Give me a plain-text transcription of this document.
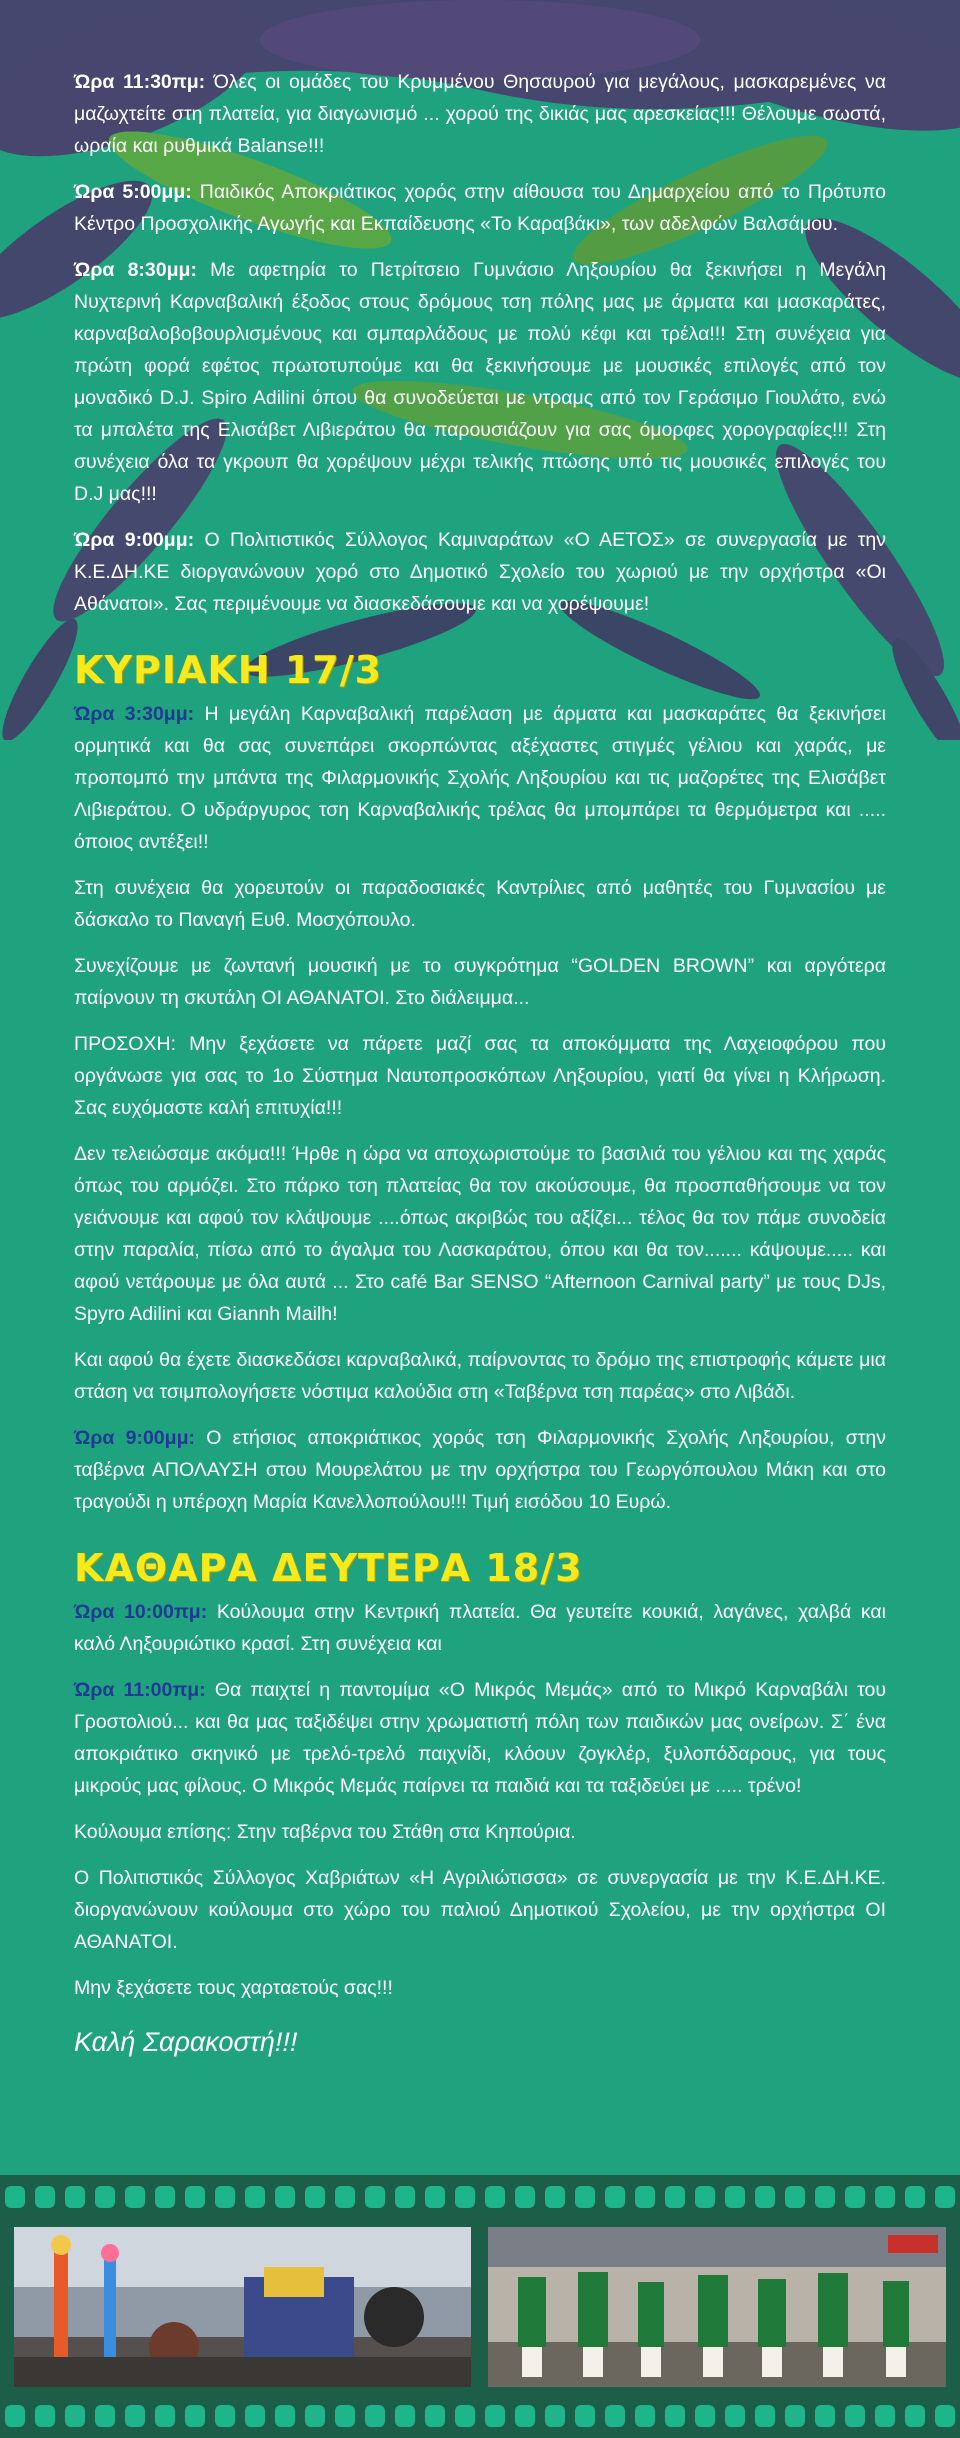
Ώρα 11:30πμ: Όλες οι ομάδες του Κρυμμένου Θησαυρού για μεγάλους, μασκαρεμένες να μαζωχτείτε στη πλατεία, για διαγωνισμό ... χορού της δικιάς μας αρεσκείας!!! Θέλουμε σωστά, ωραία και ρυθμικά Balanse!!!

Ώρα 5:00μμ: Παιδικός Αποκριάτικος χορός στην αίθουσα του Δημαρχείου από το Πρότυπο Κέντρο Προσχολικής Αγωγής και Εκπαίδευσης «Το Καραβάκι», των αδελφών Βαλσάμου.

Ώρα 8:30μμ: Με αφετηρία το Πετρίτσειο Γυμνάσιο Ληξουρίου θα ξεκινήσει η Μεγάλη Νυχτερινή Καρναβαλική έξοδος στους δρόμους τση πόλης μας με άρματα και μασκαράτες, καρναβαλοβοβουρλισμένους και σμπαρλάδους με πολύ κέφι και τρέλα!!! Στη συνέχεια για πρώτη φορά εφέτος πρωτοτυπούμε και θα ξεκινήσουμε με μουσικές επιλογές από τον μοναδικό D.J. Spiro Adilini όπου θα συνοδεύεται με ντραμς από τον Γεράσιμο Γιουλάτο, ενώ τα μπαλέτα της Ελισάβετ Λιβιεράτου θα παρουσιάζουν για σας όμορφες χορογραφίες!!! Στη συνέχεια όλα τα γκρουπ θα χορέψουν μέχρι τελικής πτώσης υπό τις μουσικές επιλογές του D.J μας!!!

Ώρα 9:00μμ: Ο Πολιτιστικός Σύλλογος Καμιναράτων «Ο ΑΕΤΟΣ» σε συνεργασία με την Κ.Ε.ΔΗ.ΚΕ διοργανώνουν χορό στο Δημοτικό Σχολείο του χωριού με την ορχήστρα «Οι Αθάνατοι». Σας περιμένουμε να διασκεδάσουμε και να χορέψουμε!

ΚΥΡΙΑΚΗ 17/3

Ώρα 3:30μμ: Η μεγάλη Καρναβαλική παρέλαση με άρματα και μασκαράτες θα ξεκινήσει ορμητικά και θα σας συνεπάρει σκορπώντας αξέχαστες στιγμές γέλιου και χαράς, με προπομπό την μπάντα της Φιλαρμονικής Σχολής Ληξουρίου και τις μαζορέτες της Ελισάβετ Λιβιεράτου. Ο υδράργυρος τση Καρναβαλικής τρέλας θα μπομπάρει τα θερμόμετρα και ..... όποιος αντέξει!!

Στη συνέχεια θα χορευτούν οι παραδοσιακές Καντρίλιες από μαθητές του Γυμνασίου με δάσκαλο το Παναγή Ευθ. Μοσχόπουλο.

Συνεχίζουμε με ζωντανή μουσική με το συγκρότημα “GOLDEN BROWN” και αργότερα παίρνουν τη σκυτάλη ΟΙ ΑΘΑΝΑΤΟΙ. Στο διάλειμμα...

ΠΡΟΣΟΧΗ: Μην ξεχάσετε να πάρετε μαζί σας τα αποκόμματα της Λαχειοφόρου που οργάνωσε για σας το 1ο Σύστημα Ναυτοπροσκόπων Ληξουρίου, γιατί θα γίνει η Κλήρωση. Σας ευχόμαστε καλή επιτυχία!!!

Δεν τελειώσαμε ακόμα!!! Ήρθε η ώρα να αποχωριστούμε το βασιλιά του γέλιου και της χαράς όπως του αρμόζει. Στο πάρκο τση πλατείας θα τον ακούσουμε, θα προσπαθήσουμε να τον γειάνουμε και αφού τον κλάψουμε ....όπως ακριβώς του αξίζει... τέλος θα τον πάμε συνοδεία στην παραλία, πίσω από το άγαλμα του Λασκαράτου, όπου και θα τον....... κάψουμε..... και αφού νετάρουμε με όλα αυτά ... Στο café Bar SENSO “Afternoon Carnival party” με τους DJs, Spyro Adilini και Giannh Mailh!

Και αφού θα έχετε διασκεδάσει καρναβαλικά, παίρνοντας το δρόμο της επιστροφής κάμετε μια στάση να τσιμπολογήσετε νόστιμα καλούδια στη «Ταβέρνα τση παρέας» στο Λιβάδι.

Ώρα 9:00μμ: Ο ετήσιος αποκριάτικος χορός τση Φιλαρμονικής Σχολής Ληξουρίου, στην ταβέρνα ΑΠΟΛΑΥΣΗ στου Μουρελάτου με την ορχήστρα του Γεωργόπουλου Μάκη και στο τραγούδι η υπέροχη Μαρία Κανελλοπούλου!!! Τιμή εισόδου 10 Ευρώ.

ΚΑΘΑΡΑ ΔΕΥΤΕΡΑ 18/3

Ώρα 10:00πμ: Κούλουμα στην Κεντρική πλατεία. Θα γευτείτε κουκιά, λαγάνες, χαλβά και καλό Ληξουριώτικο κρασί. Στη συνέχεια και

Ώρα 11:00πμ: Θα παιχτεί η παντομίμα «Ο Μικρός Μεμάς» από το Μικρό Καρναβάλι του Γροστολιού... και θα μας ταξιδέψει στην χρωματιστή πόλη των παιδικών μας ονείρων. Σ΄ ένα αποκριάτικο σκηνικό με τρελό-τρελό παιχνίδι, κλόουν ζογκλέρ, ξυλοπόδαρους, για τους μικρούς μας φίλους. Ο Μικρός Μεμάς παίρνει τα παιδιά και τα ταξιδεύει με ..... τρένο!

Κούλουμα επίσης: Στην ταβέρνα του Στάθη στα Κηπούρια.

Ο Πολιτιστικός Σύλλογος Χαβριάτων «Η Αγριλιώτισσα» σε συνεργασία με την Κ.Ε.ΔΗ.ΚΕ. διοργανώνουν κούλουμα στο χώρο του παλιού Δημοτικού Σχολείου, με την ορχήστρα ΟΙ ΑΘΑΝΑΤΟΙ.

Μην ξεχάσετε τους χαρταετούς σας!!!

Καλή Σαρακοστή!!!
